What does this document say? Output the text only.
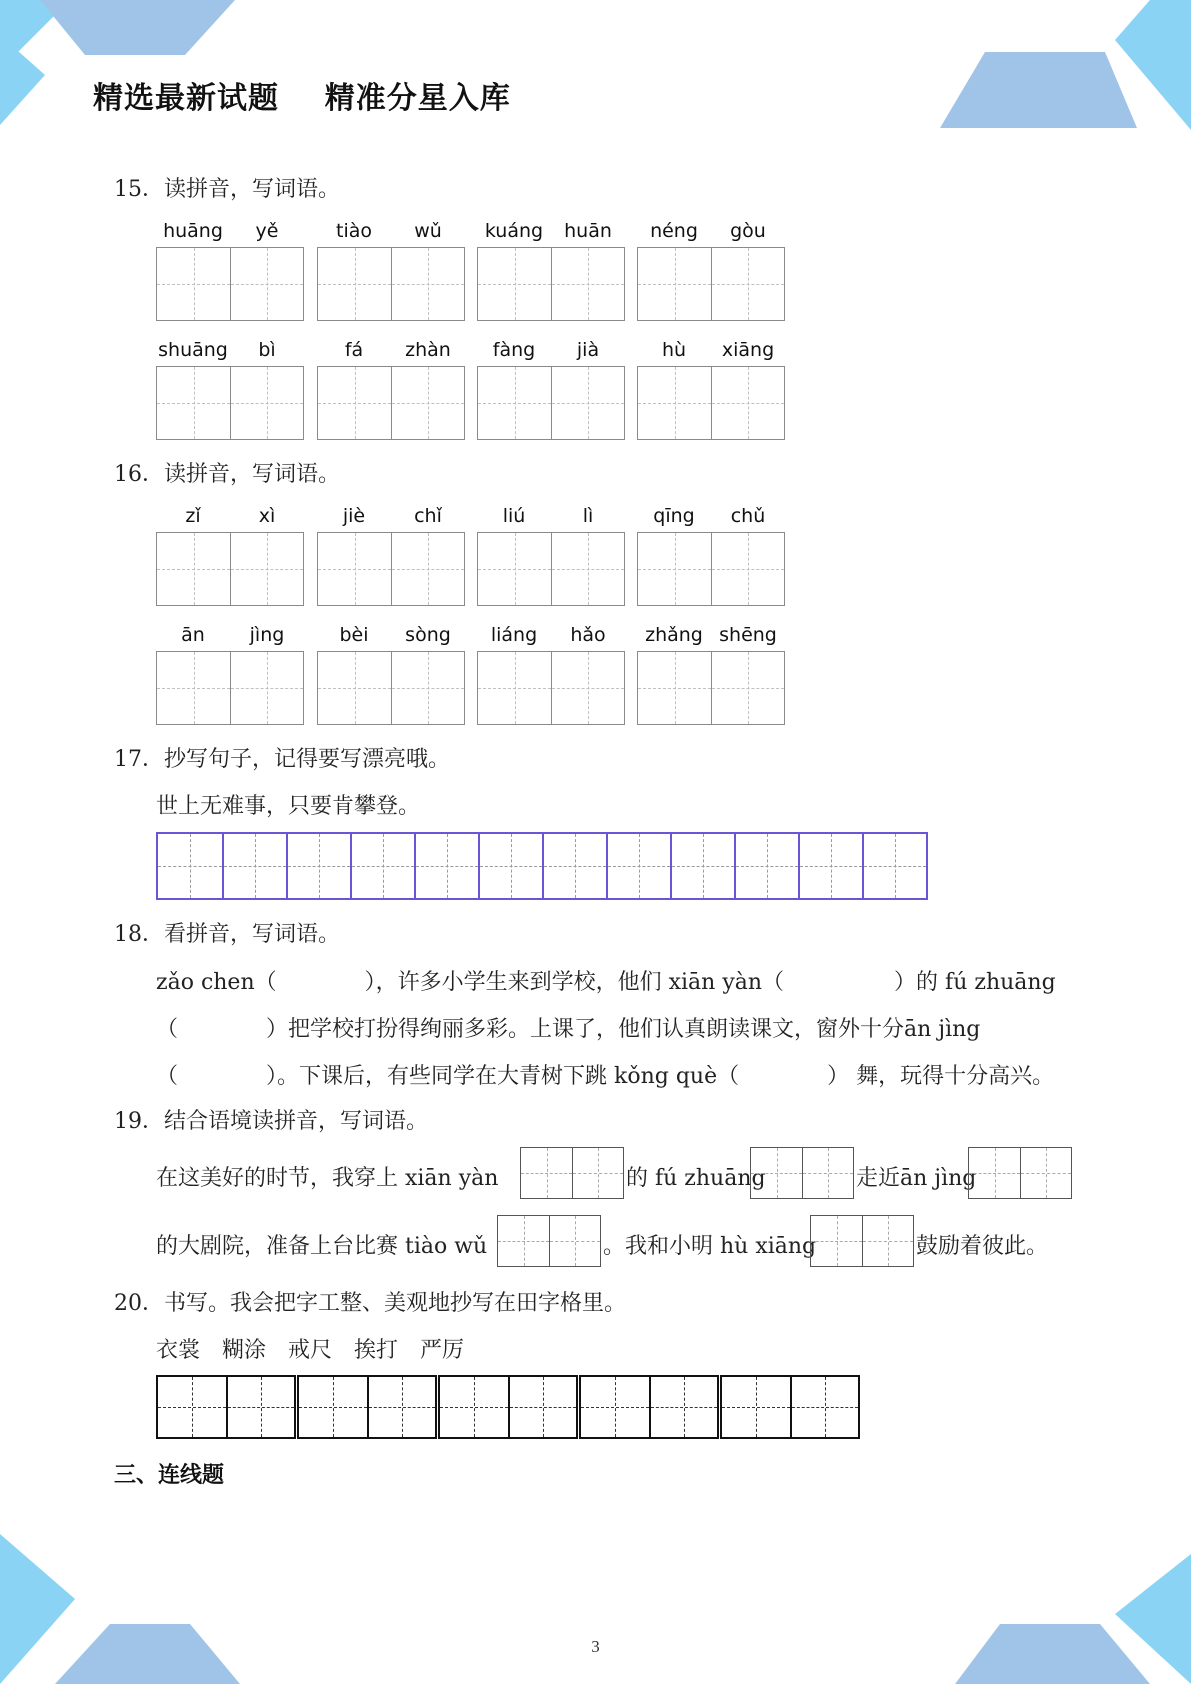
精选最新试题    精准分星入库
15．读拼音，写词语。
huāng	yě	tiào	wǔ	kuáng	huān	néng	gòu
shuāng	bì	fá	zhàn	fàng	jià	hù	xiāng
16．读拼音，写词语。
zǐ	xì	jiè	chǐ	liú	lì	qīng	chǔ
ān	jìng	bèi	sòng	liáng	hǎo	zhǎng shēng
17．抄写句子，记得要写漂亮哦。
世上无难事，只要肯攀登。
18．看拼音，写词语。
zǎo chen（　　　　），许多小学生来到学校，他们 xiān yàn（　　　　　）的 fú zhuāng
（　　　　）把学校打扮得绚丽多彩。上课了，他们认真朗读课文，窗外十分ān jìng
（　　　　）。下课后，有些同学在大青树下跳 kǒng què（　　　　） 舞，玩得十分高兴。
19．结合语境读拼音，写词语。
在这美好的时节，我穿上 xiān yàn	的 fú zhuāng	走近ān jìng
的大剧院，准备上台比赛 tiào wǔ	。我和小明 hù xiāng	鼓励着彼此。
20．书写。我会把字工整、美观地抄写在田字格里。
衣裳　糊涂　戒尺　挨打　严厉
三、连线题
3
